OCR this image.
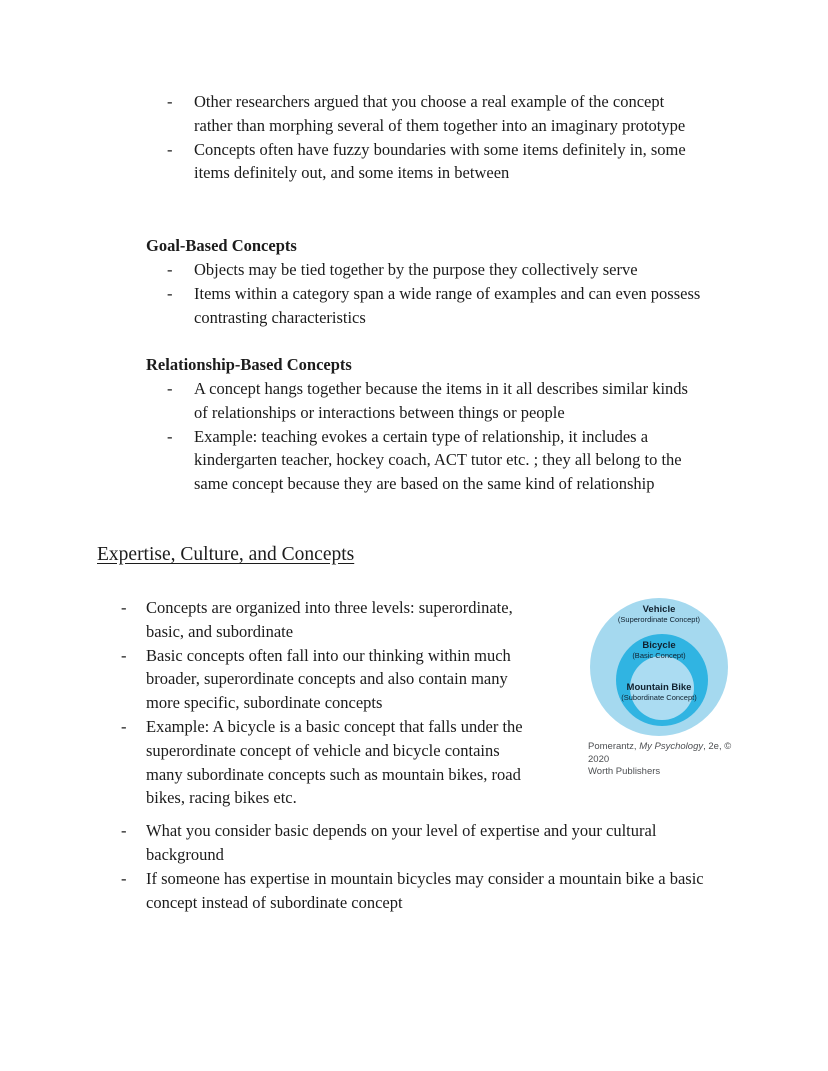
- Other researchers argued that you choose a real example of the concept rather than morphing several of them together into an imaginary prototype
- Concepts often have fuzzy boundaries with some items definitely in, some items definitely out, and some items in between
Goal-Based Concepts
- Objects may be tied together by the purpose they collectively serve
- Items within a category span a wide range of examples and can even possess contrasting characteristics
Relationship-Based Concepts
- A concept hangs together because the items in it all describes similar kinds of relationships or interactions between things or people
- Example: teaching evokes a certain type of relationship, it includes a kindergarten teacher, hockey coach, ACT tutor etc. ; they all belong to the same concept because they are based on the same kind of relationship
Expertise, Culture, and Concepts
- Concepts are organized into three levels: superordinate, basic, and subordinate
- Basic concepts often fall into our thinking within much broader, superordinate concepts and also contain many more specific, subordinate concepts
- Example: A bicycle is a basic concept that falls under the superordinate concept of vehicle and bicycle contains many subordinate concepts such as mountain bikes, road bikes, racing bikes etc.
Vehicle
(Superordinate Concept)
Bicycle
(Basic Concept)
Mountain Bike
(Subordinate Concept)
Pomerantz, My Psychology, 2e, © 2020
Worth Publishers
- What you consider basic depends on your level of expertise and your cultural background
- If someone has expertise in mountain bicycles may consider a mountain bike a basic concept instead of subordinate concept
